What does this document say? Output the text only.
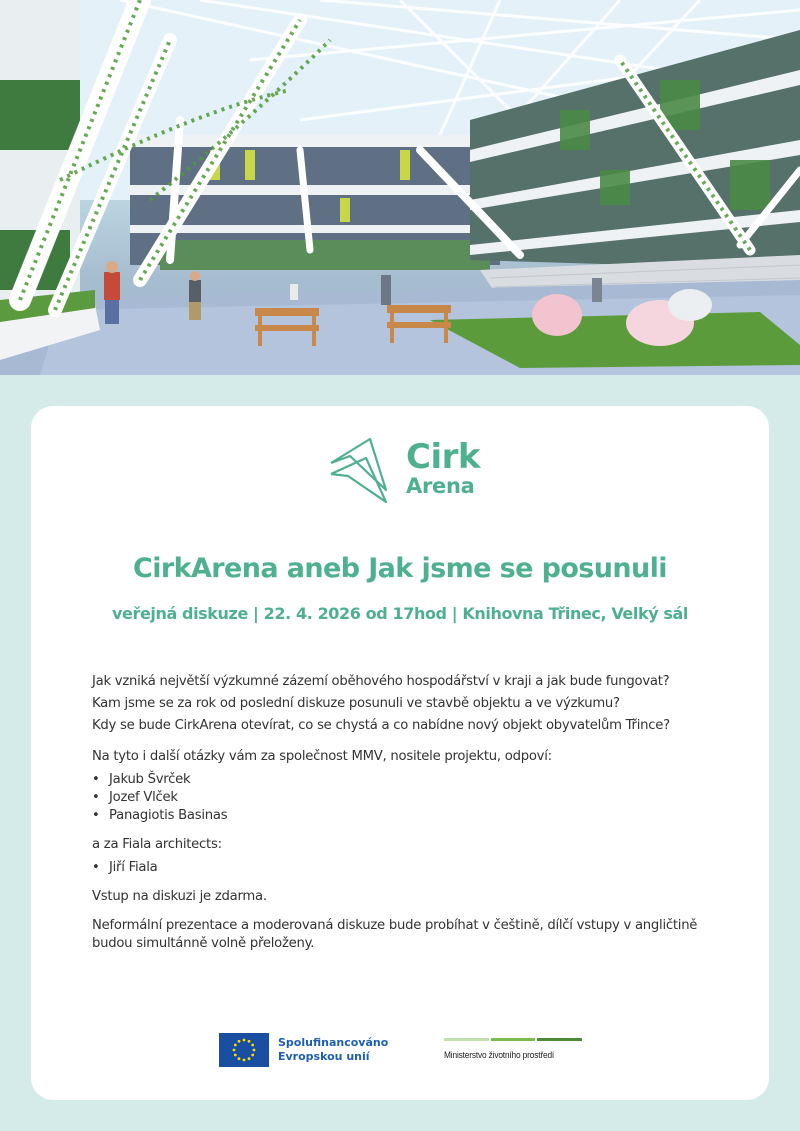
Cirk
Arena
CirkArena aneb Jak jsme se posunuli
veřejná diskuze | 22. 4. 2026 od 17hod | Knihovna Třinec, Velký sál

Jak vzniká největší výzkumné zázemí oběhového hospodářství v kraji a jak bude fungovat?

Kam jsme se za rok od poslední diskuze posunuli ve stavbě objektu a ve výzkumu?

Kdy se bude CirkArena otevírat, co se chystá a co nabídne nový objekt obyvatelům Třince?

Na tyto i další otázky vám za společnost MMV, nositele projektu, odpoví:

• Jakub Švrček
• Jozef Vlček
• Panagiotis Basinas

a za Fiala architects:

• Jiří Fiala

Vstup na diskuzi je zdarma.

Neformální prezentace a moderovaná diskuze bude probíhat v češtině, dílčí vstupy v angličtině budou simultánně volně přeloženy.

Spolufinancováno
Evropskou unií	Ministerstvo životního prostředí
